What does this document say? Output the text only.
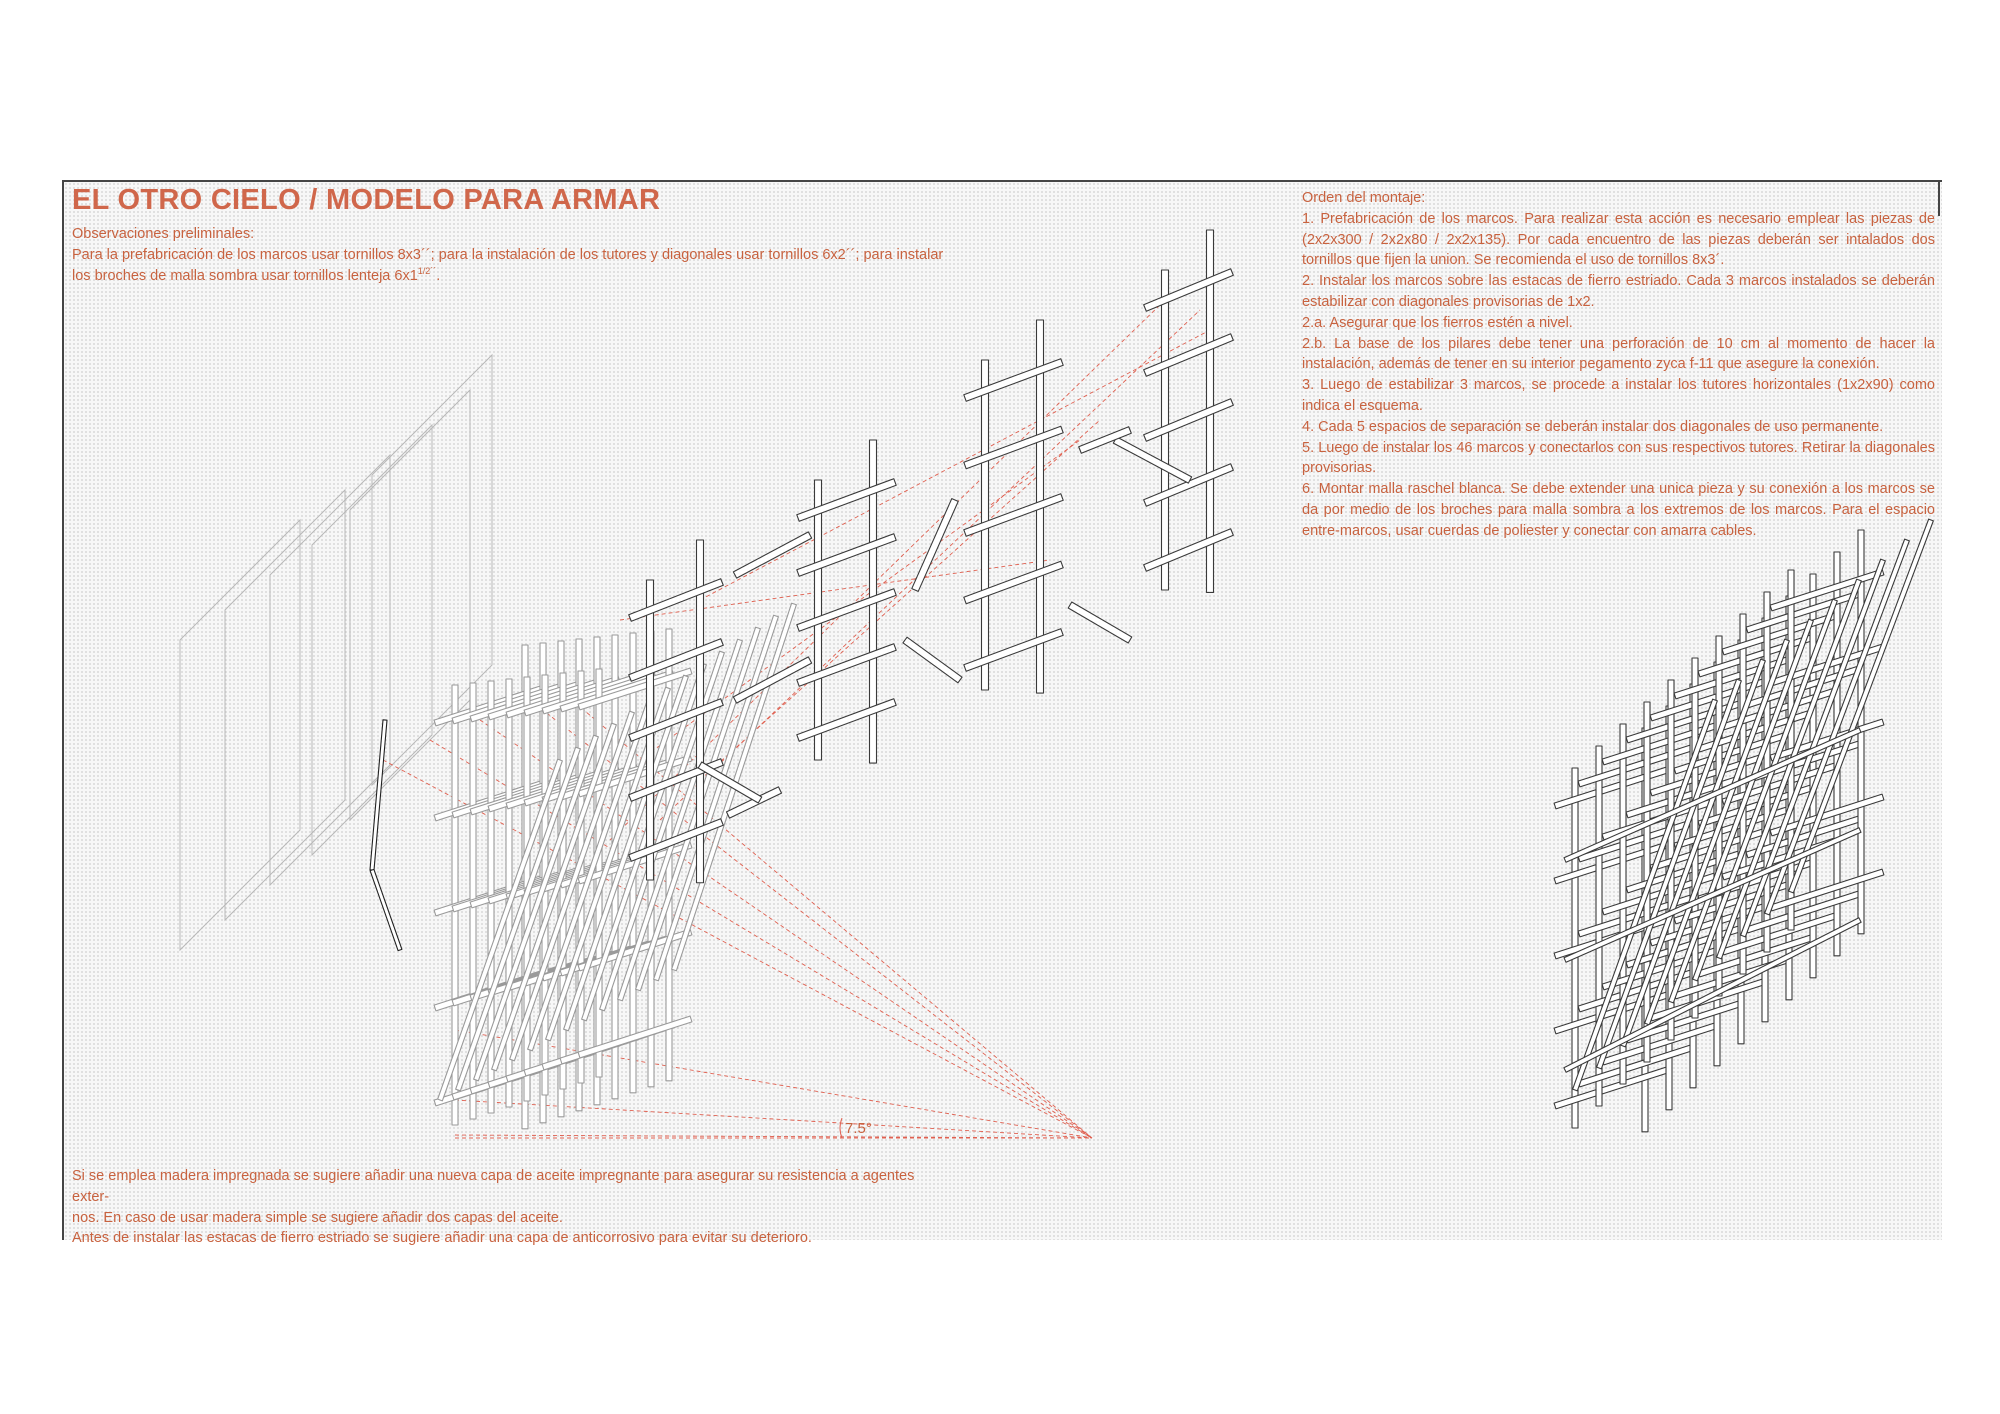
EL OTRO CIELO / MODELO PARA ARMAR
Observaciones preliminales:
Para la prefabricación de los marcos usar tornillos 8x3´´; para la instalación de los tutores y diagonales usar tornillos 6x2´´; para instalar
los broches de malla sombra usar tornillos lenteja $6x1^{1/2´´}$.

Orden del montaje:

1. Prefabricación de los marcos. Para realizar esta acción es necesario emplear las piezas de (2x2x300 / 2x2x80 / 2x2x135). Por cada encuentro de las piezas deberán ser intalados dos tornillos que fijen la union. Se recomienda el uso de tornillos 8x3´.

2. Instalar los marcos sobre las estacas de fierro estriado. Cada 3 marcos instalados se deberán estabilizar con diagonales provisorias de 1x2.

2.a. Asegurar que los fierros estén a nivel.

2.b. La base de los pilares debe tener una perforación de 10 cm al momento de hacer la instalación, además de tener en su interior pegamento zyca f-11 que asegure la conexión.

3. Luego de estabilizar 3 marcos, se procede a instalar los tutores horizontales (1x2x90) como indica el esquema.

4. Cada 5 espacios de separación se deberán instalar dos diagonales de uso permanente.

5. Luego de instalar los 46 marcos y conectarlos con sus respectivos tutores. Retirar la diagonales provisorias.

6. Montar malla raschel blanca. Se debe extender una unica pieza y su conexión a los marcos se da por medio de los broches para malla sombra a los extremos de los marcos. Para el espacio entre-marcos, usar cuerdas de poliester y conectar con amarra cables.

Si se emplea madera impregnada se sugiere añadir una nueva capa de aceite impregnante para asegurar su resistencia a agentes exter-
nos. En caso de usar madera simple se sugiere añadir dos capas del aceite.
Antes de instalar las estacas de fierro estriado se sugiere añadir una capa de anticorrosivo para evitar su deterioro.
7.5°
